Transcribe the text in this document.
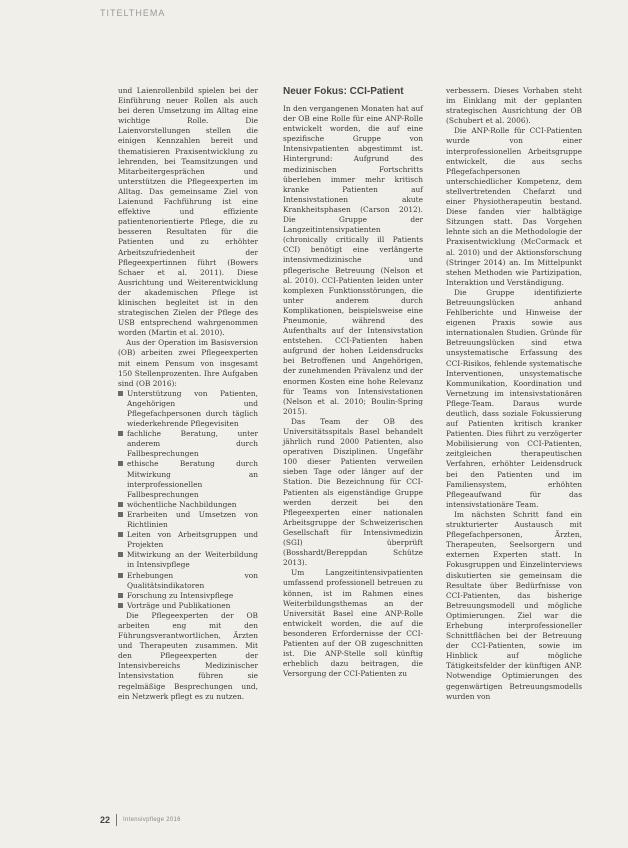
TITELTHEMA

und Laienrollenbild spielen bei der Einführung neuer Rollen als auch bei deren Umsetzung im Alltag eine wichtige Rolle. Die Laienvorstellungen stellen die einigen Kennzahlen bereit und thematisieren Praxisentwicklung zu lehrenden, bei Teamsitzungen und Mitarbeitergesprächen und unterstützen die Pflegeexperten im Alltag. Das gemeinsame Ziel von Laienund Fachführung ist eine effektive und effiziente patientenorientierte Pflege, die zu besseren Resultaten für die Patienten und zu erhöhter Arbeitszufriedenheit der Pflegeexpertinnen führt (Bowers Schaer et al. 2011). Diese Ausrichtung und Weiterentwicklung der akademischen Pflege ist klinischen begleitet ist in den strategischen Zielen der Pflege des USB entsprechend wahrgenommen worden (Martin et al. 2010).

Aus der Operation im Basisversion (OB) arbeiten zwei Pflegeexperten mit einem Pensum von insgesamt 150 Stellenprozenten. Ihre Aufgaben sind (OB 2016):

Unterstützung von Patienten, Angehörigen und Pflegefachpersonen durch täglich wiederkehrende Pflegevisiten
fachliche Beratung, unter anderem durch Fallbesprechungen
ethische Beratung durch Mitwirkung an interprofessionellen Fallbesprechungen
wöchentliche Nachbildungen
Erarbeiten und Umsetzen von Richtlinien
Leiten von Arbeitsgruppen und Projekten
Mitwirkung an der Weiterbildung in Intensivpflege
Erhebungen von Qualitätsindikatoren
Forschung zu Intensivpflege
Vorträge und Publikationen

Die Pflegeexperten der OB arbeiten eng mit den Führungsverantwortlichen, Ärzten und Therapeuten zusammen. Mit den Pflegeexperten der Intensivbereichs Medizinischer Intensivstation führen sie regelmäßige Besprechungen und, ein Netzwerk pflegt es zu nutzen.

Neuer Fokus: CCI-Patient

In den vergangenen Monaten hat auf der OB eine Rolle für eine ANP-Rolle entwickelt worden, die auf eine spezifische Gruppe von Intensivpatienten abgestimmt ist. Hintergrund: Aufgrund des medizinischen Fortschritts überleben immer mehr kritisch kranke Patienten auf Intensivstationen akute Krankheitsphasen (Carson 2012). Die Gruppe der Langzeitintensivpatienten (chronically critically ill Patients CCI) benötigt eine verlängerte intensivmedizinische und pflegerische Betreuung (Nelson et al. 2010). CCI-Patienten leiden unter komplexen Funktionsstörungen, die unter anderem durch Komplikationen, beispielsweise eine Pneumonie, während des Aufenthalts auf der Intensivstation entstehen. CCI-Patienten haben aufgrund der hohen Leidensdrucks bei Betroffenen und Angehörigen, der zunehmenden Prävalenz und der enormen Kosten eine hohe Relevanz für Teams von Intensivstationen (Nelson et al. 2010; Boulin-Spring 2015).

Das Team der OB des Universitätsspitals Basel behandelt jährlich rund 2000 Patienten, also operativen Disziplinen. Ungefähr 100 dieser Patienten verweilen sieben Tage oder länger auf der Station. Die Bezeichnung für CCI-Patienten als eigenständige Gruppe werden derzeit bei den Pflegeexperten einer nationalen Arbeitsgruppe der Schweizerischen Gesellschaft für Intensivmedizin (SGI) überprüft (Bosshardt/Bereppdan Schütze 2013).

Um Langzeitintensivpatienten umfassend professionell betreuen zu können, ist im Rahmen eines Weiterbildungsthemas an der Universität Basel eine ANP-Rolle entwickelt worden, die auf die besonderen Erfordernisse der CCI-Patienten auf der OB zugeschnitten ist. Die ANP-Stelle soll künftig erheblich dazu beitragen, die Versorgung der CCI-Patienten zu

verbessern. Dieses Vorhaben steht im Einklang mit der geplanten strategischen Ausrichtung der OB (Schubert et al. 2006).

Die ANP-Rolle für CCI-Patienten wurde von einer interprofessionellen Arbeitsgruppe entwickelt, die aus sechs Pflegefachpersonen unterschiedlicher Kompetenz, dem stellvertretenden Chefarzt und einer Physiotherapeutin bestand. Diese fanden vier halbtägige Sitzungen statt. Das Vorgehen lehnte sich an die Methodologie der Praxisentwicklung (McCormack et al. 2010) und der Aktionsforschung (Stringer 2014) an. Im Mittelpunkt stehen Methoden wie Partizipation, Interaktion und Verständigung.

Die Gruppe identifizierte Betreuungslücken anhand Fehlberichte und Hinweise der eigenen Praxis sowie aus internationalen Studien. Gründe für Betreuungslücken sind etwa unsystematische Erfassung des CCI-Risikos, fehlende systematische Interventionen, unsystematische Kommunikation, Koordination und Vernetzung im intensivstationären Pflege-Team. Daraus wurde deutlich, dass soziale Fokussierung auf Patienten kritisch kranker Patienten. Dies führt zu verzögerter Mobilisierung von CCI-Patienten, zeitgleichen therapeutischen Verfahren, erhöhter Leidensdruck bei den Patienten und im Familiensystem, erhöhten Pflegeaufwand für das intensivstationäre Team.

Im nächsten Schritt fand ein strukturierter Austausch mit Pflegefachpersonen, Ärzten, Therapeuten, Seelsorgern und externen Experten statt. In Fokusgruppen und Einzelinterviews diskutierten sie gemeinsam die Resultate über Bedürfnisse von CCI-Patienten, das bisherige Betreuungsmodell und mögliche Optimierungen. Ziel war die Erhebung interprofessioneller Schnittflächen bei der Betreuung der CCI-Patienten, sowie im Hinblick auf mögliche Tätigkeitsfelder der künftigen ANP. Notwendige Optimierungen des gegenwärtigen Betreuungsmodells wurden von

22 Intensivpflege 2016
